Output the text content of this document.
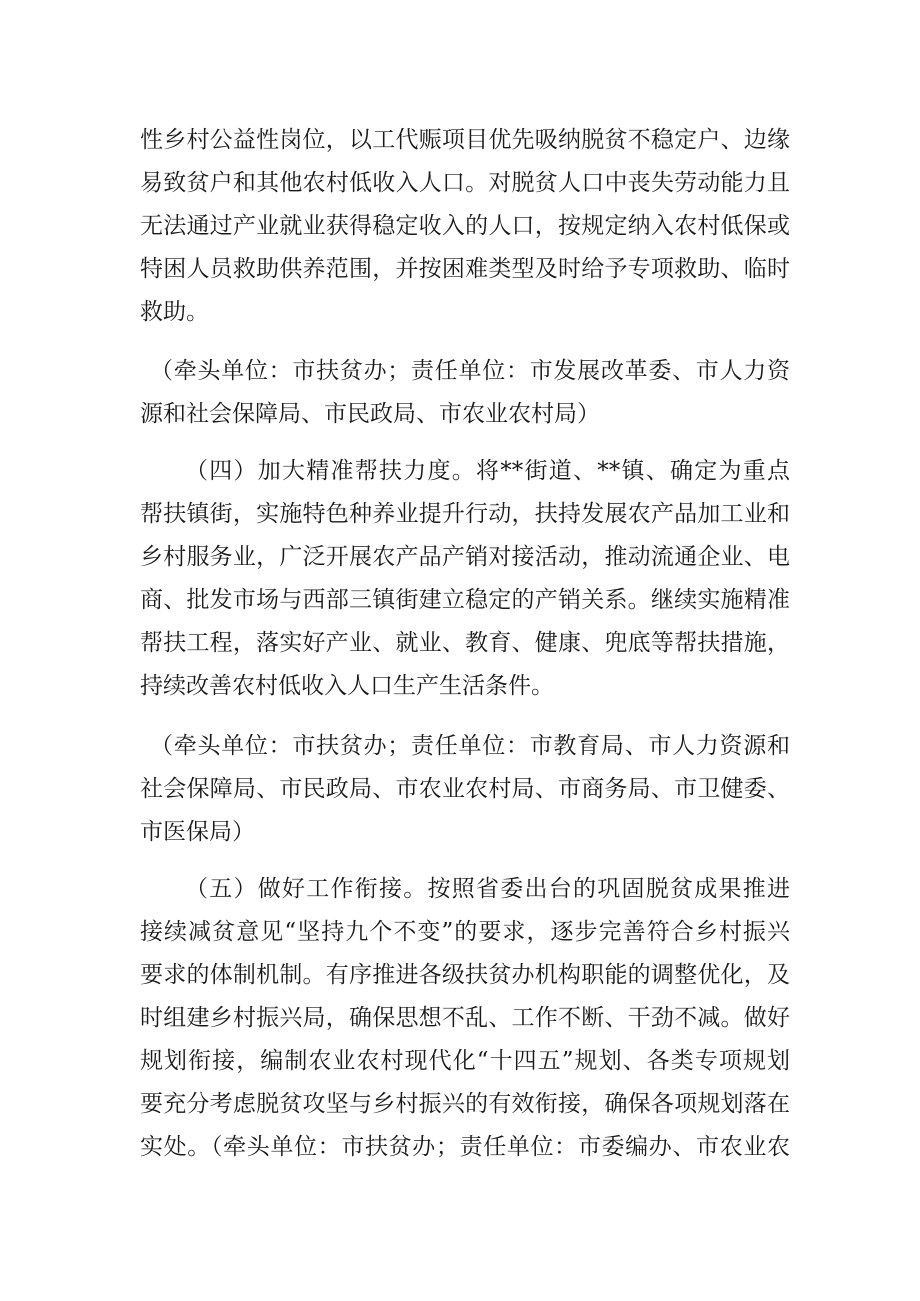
性乡村公益性岗位，以工代赈项目优先吸纳脱贫不稳定户、边缘
易致贫户和其他农村低收入人口。对脱贫人口中丧失劳动能力且
无法通过产业就业获得稳定收入的人口，按规定纳入农村低保或
特困人员救助供养范围，并按困难类型及时给予专项救助、临时
救助。
（牵头单位：市扶贫办；责任单位：市发展改革委、市人力资
源和社会保障局、市民政局、市农业农村局）
（四）加大精准帮扶力度。将**街道、**镇、确定为重点
帮扶镇街，实施特色种养业提升行动，扶持发展农产品加工业和
乡村服务业，广泛开展农产品产销对接活动，推动流通企业、电
商、批发市场与西部三镇街建立稳定的产销关系。继续实施精准
帮扶工程，落实好产业、就业、教育、健康、兜底等帮扶措施，
持续改善农村低收入人口生产生活条件。
（牵头单位：市扶贫办；责任单位：市教育局、市人力资源和
社会保障局、市民政局、市农业农村局、市商务局、市卫健委、
市医保局）
（五）做好工作衔接。按照省委出台的巩固脱贫成果推进
接续减贫意见“坚持九个不变”的要求，逐步完善符合乡村振兴
要求的体制机制。有序推进各级扶贫办机构职能的调整优化，及
时组建乡村振兴局，确保思想不乱、工作不断、干劲不减。做好
规划衔接，编制农业农村现代化“十四五”规划、各类专项规划
要充分考虑脱贫攻坚与乡村振兴的有效衔接，确保各项规划落在
实处。（牵头单位：市扶贫办；责任单位：市委编办、市农业农
